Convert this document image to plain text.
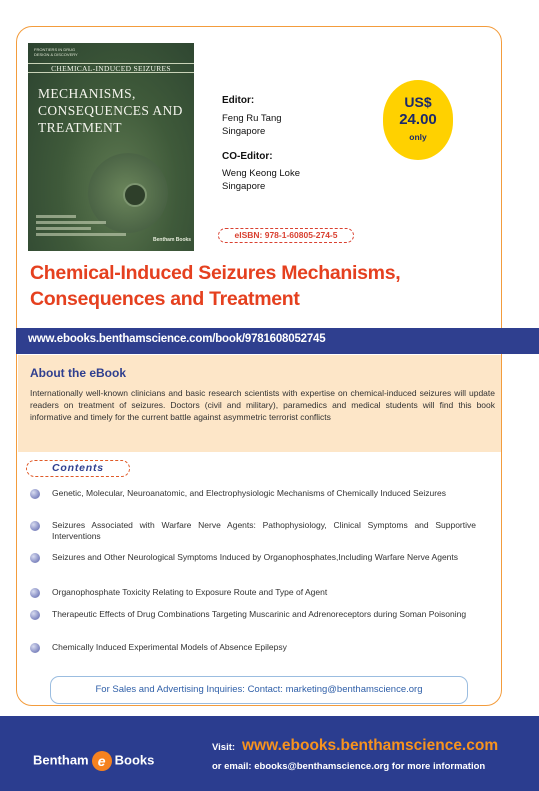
FRONTIERS IN DRUG
DESIGN & DISCOVERY
CHEMICAL-INDUCED SEIZURES
MECHANISMS, CONSEQUENCES AND TREATMENT
Bentham Books
Editor:
Feng Ru Tang
Singapore
CO-Editor:
Weng Keong Loke
Singapore
US$
24.00
only
eISBN: 978-1-60805-274-5
Chemical-Induced Seizures Mechanisms, Consequences and Treatment
www.ebooks.benthamscience.com/book/9781608052745
About the eBook
Internationally well-known clinicians and basic research scientists with expertise on chemical-induced seizures will update readers on treatment of seizures. Doctors (civil and military), paramedics and medical students will find this book informative and timely for the current battle against asymmetric terrorist conflicts
Contents
Genetic, Molecular, Neuroanatomic, and Electrophysiologic Mechanisms of Chemically Induced Seizures
Seizures Associated with Warfare Nerve Agents: Pathophysiology, Clinical Symptoms and Supportive Interventions
Seizures and Other Neurological Symptoms Induced by Organophosphates,Including Warfare Nerve Agents
Organophosphate Toxicity Relating to Exposure Route and Type of Agent
Therapeutic Effects of Drug Combinations Targeting Muscarinic and Adrenoreceptors during Soman Poisoning
Chemically Induced Experimental Models of Absence Epilepsy
For Sales and Advertising Inquiries: Contact: marketing@benthamscience.org
Bentham e Books
Visit: www.ebooks.benthamscience.com
or email: ebooks@benthamscience.org for more information
